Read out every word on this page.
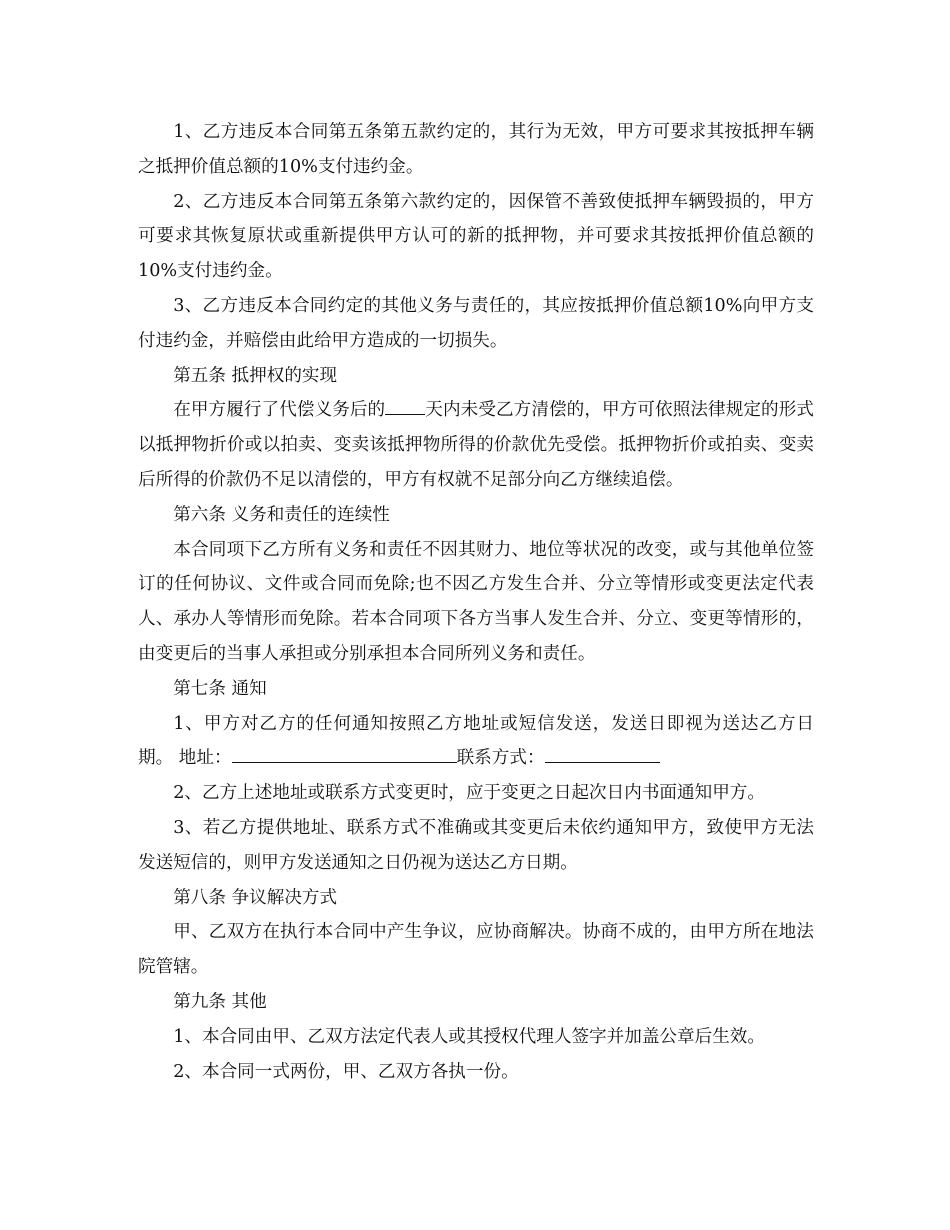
1、乙方违反本合同第五条第五款约定的，其行为无效，甲方可要求其按抵押车辆之抵押价值总额的10%支付违约金。

2、乙方违反本合同第五条第六款约定的，因保管不善致使抵押车辆毁损的，甲方可要求其恢复原状或重新提供甲方认可的新的抵押物，并可要求其按抵押价值总额的10%支付违约金。

3、乙方违反本合同约定的其他义务与责任的，其应按抵押价值总额10%向甲方支付违约金，并赔偿由此给甲方造成的一切损失。

第五条 抵押权的实现

在甲方履行了代偿义务后的 天内未受乙方清偿的，甲方可依照法律规定的形式以抵押物折价或以拍卖、变卖该抵押物所得的价款优先受偿。抵押物折价或拍卖、变卖后所得的价款仍不足以清偿的，甲方有权就不足部分向乙方继续追偿。

第六条 义务和责任的连续性

本合同项下乙方所有义务和责任不因其财力、地位等状况的改变，或与其他单位签订的任何协议、文件或合同而免除;也不因乙方发生合并、分立等情形或变更法定代表人、承办人等情形而免除。若本合同项下各方当事人发生合并、分立、变更等情形的，由变更后的当事人承担或分别承担本合同所列义务和责任。

第七条 通知

1、甲方对乙方的任何通知按照乙方地址或短信发送，发送日即视为送达乙方日期。 地址：	联系方式：

2、乙方上述地址或联系方式变更时，应于变更之日起次日内书面通知甲方。

3、若乙方提供地址、联系方式不准确或其变更后未依约通知甲方，致使甲方无法发送短信的，则甲方发送通知之日仍视为送达乙方日期。

第八条 争议解决方式

甲、乙双方在执行本合同中产生争议，应协商解决。协商不成的，由甲方所在地法院管辖。

第九条 其他

1、本合同由甲、乙双方法定代表人或其授权代理人签字并加盖公章后生效。

2、本合同一式两份，甲、乙双方各执一份。
